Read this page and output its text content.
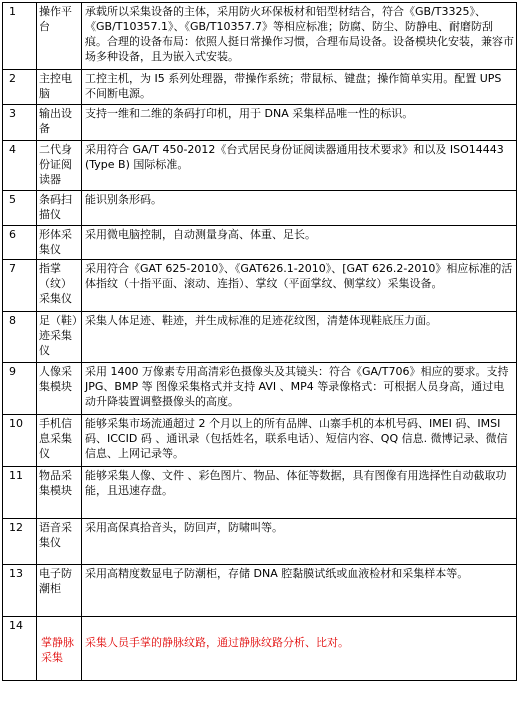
1	操作平台	承载所以采集设备的主体，采用防火环保板材和铝型材结合，符合《GB/T3325》、《GB/T10357.1》、《GB/T10357.7》等相应标准；防腐、防尘、防静电、耐磨防刮痕。合理的设备布局：依照人挺日常操作习惯，合理布局设备。设备模块化安装，兼容市场多种设备，且为嵌入式安装。
2	主控电脑	工控主机，为 I5 系列处理器，带操作系统；带鼠标、键盘；操作简单实用。配置 UPS 不间断电源。
3	输出设备	支持一维和二维的条码打印机，用于 DNA 采集样品唯一性的标识。
4	二代身份证阅读器	采用符合 GA/T 450-2012《台式居民身份证阅读器通用技术要求》和以及 ISO14443 (Type B) 国际标准。
5	条码扫描仪	能识别条形码。
6	形体采集仪	采用微电脑控制，自动测量身高、体重、足长。
7	指掌（纹）采集仪	采用符合《GAT 625-2010》、《GAT626.1-2010》、[GAT 626.2-2010》相应标准的活体指纹（十指平面、滚动、连指）、掌纹（平面掌纹、侧掌纹）采集设备。
8	足（鞋）迹采集仪	采集人体足迹、鞋迹，并生成标准的足迹花纹图，清楚体现鞋底压力面。
9	人像采集模块	采用 1400 万像素专用高清彩色摄像头及其镜头：符合《GA/T706》相应的要求。支持 JPG、BMP 等 图像采集格式并支持 AVI 、MP4 等录像格式：可根据人员身高，通过电动升降装置调整摄像头的高度。
10	手机信息采集仪	能够采集市场流通超过 2 个月以上的所有品牌、山寨手机的本机号码、IMEI 码、IMSI 码、ICCID 码 、通讯录（包括姓名，联系电话）、短信内容、QQ 信息. 微博记录、微信信息、上网记录等。
11	物品采集模块	能够采集人像、文件 、彩色图片、物品、体征等数据，具有图像有用选择性自动截取功能，且迅速存盘。
12	语音采集仪	采用高保真拾音头，防回声，防啸叫等。
13	电子防潮柜	采用高精度数显电子防潮柜，存储 DNA 腔黏膜试纸或血液检材和采集样本等。
14	掌静脉采集	采集人员手掌的静脉纹路，通过静脉纹路分析、比对。
